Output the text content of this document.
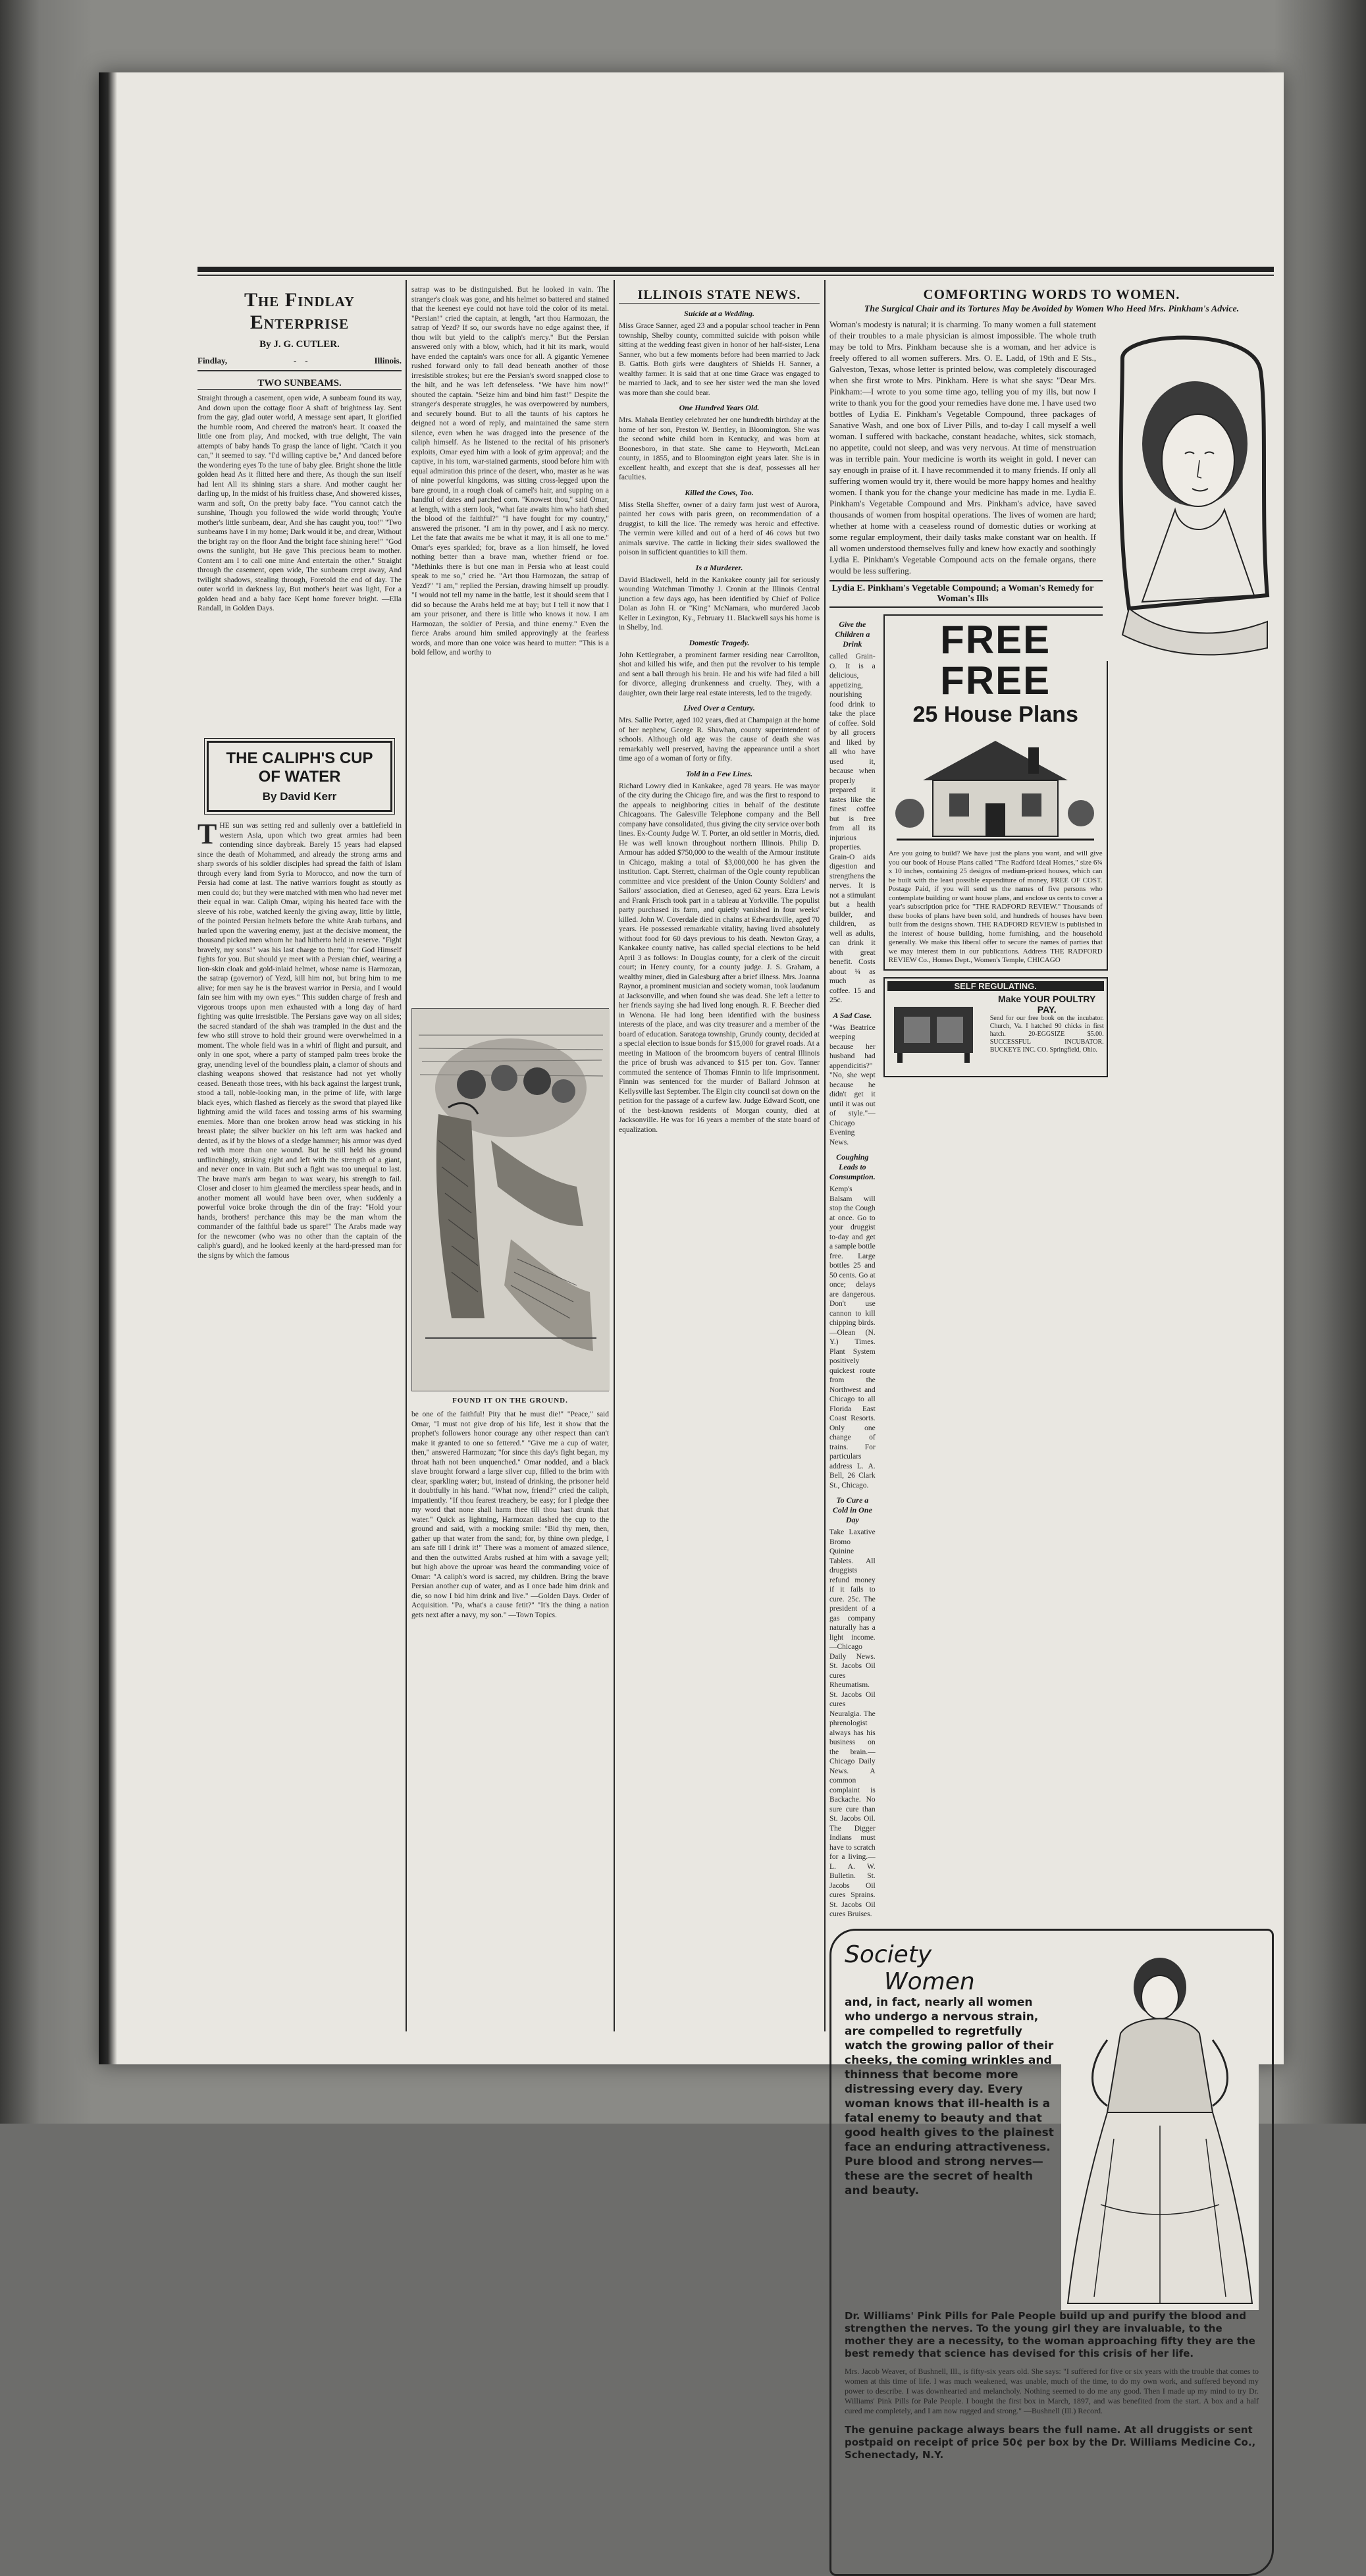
The Findlay Enterprise
By J. G. CUTLER.
Findlay,	-    -	Illinois.
TWO SUNBEAMS.
Straight through a casement, open wide, A sunbeam found its way, And down upon the cottage floor A shaft of brightness lay. Sent from the gay, glad outer world, A message sent apart, It glorified the humble room, And cheered the matron's heart. It coaxed the little one from play, And mocked, with true delight, The vain attempts of baby hands To grasp the lance of light. "Catch it you can," it seemed to say. "I'd willing captive be," And danced before the wondering eyes To the tune of baby glee. Bright shone the little golden head As it flitted here and there, As though the sun itself had lent All its shining stars a share. And mother caught her darling up, In the midst of his fruitless chase, And showered kisses, warm and soft, On the pretty baby face. "You cannot catch the sunshine, Though you followed the wide world through; You're mother's little sunbeam, dear, And she has caught you, too!" "Two sunbeams have I in my home; Dark would it be, and drear, Without the bright ray on the floor And the bright face shining here!" "God owns the sunlight, but He gave This precious beam to mother. Content am I to call one mine And entertain the other." Straight through the casement, open wide, The sunbeam crept away, And twilight shadows, stealing through, Foretold the end of day. The outer world in darkness lay, But mother's heart was light, For a golden head and a baby face Kept home forever bright. —Ella Randall, in Golden Days.
THE CALIPH'S CUP OF WATER
By David Kerr
THE sun was setting red and sullenly over a battlefield in western Asia, upon which two great armies had been contending since daybreak. Barely 15 years had elapsed since the death of Mohammed, and already the strong arms and sharp swords of his soldier disciples had spread the faith of Islam through every land from Syria to Morocco, and now the turn of Persia had come at last. The native warriors fought as stoutly as men could do; but they were matched with men who had never met their equal in war. Caliph Omar, wiping his heated face with the sleeve of his robe, watched keenly the giving away, little by little, of the pointed Persian helmets before the white Arab turbans, and hurled upon the wavering enemy, just at the decisive moment, the thousand picked men whom he had hitherto held in reserve. "Fight bravely, my sons!" was his last charge to them; "for God Himself fights for you. But should ye meet with a Persian chief, wearing a lion-skin cloak and gold-inlaid helmet, whose name is Harmozan, the satrap (governor) of Yezd, kill him not, but bring him to me alive; for men say he is the bravest warrior in Persia, and I would fain see him with my own eyes." This sudden charge of fresh and vigorous troops upon men exhausted with a long day of hard fighting was quite irresistible. The Persians gave way on all sides; the sacred standard of the shah was trampled in the dust and the few who still strove to hold their ground were overwhelmed in a moment. The whole field was in a whirl of flight and pursuit, and only in one spot, where a party of stamped palm trees broke the gray, unending level of the boundless plain, a clamor of shouts and clashing weapons showed that resistance had not yet wholly ceased. Beneath those trees, with his back against the largest trunk, stood a tall, noble-looking man, in the prime of life, with large black eyes, which flashed as fiercely as the sword that played like lightning amid the wild faces and tossing arms of his swarming enemies. More than one broken arrow head was sticking in his breast plate; the silver buckler on his left arm was hacked and dented, as if by the blows of a sledge hammer; his armor was dyed red with more than one wound. But he still held his ground unflinchingly, striking right and left with the strength of a giant, and never once in vain. But such a fight was too unequal to last. The brave man's arm began to wax weary, his strength to fail. Closer and closer to him gleamed the merciless spear heads, and in another moment all would have been over, when suddenly a powerful voice broke through the din of the fray: "Hold your hands, brothers! perchance this may be the man whom the commander of the faithful bade us spare!" The Arabs made way for the newcomer (who was no other than the captain of the caliph's guard), and he looked keenly at the hard-pressed man for the signs by which the famous
satrap was to be distinguished. But he looked in vain. The stranger's cloak was gone, and his helmet so battered and stained that the keenest eye could not have told the color of its metal. "Persian!" cried the captain, at length, "art thou Harmozan, the satrap of Yezd? If so, our swords have no edge against thee, if thou wilt but yield to the caliph's mercy." But the Persian answered only with a blow, which, had it hit its mark, would have ended the captain's wars once for all. A gigantic Yemenee rushed forward only to fall dead beneath another of those irresistible strokes; but ere the Persian's sword snapped close to the hilt, and he was left defenseless. "We have him now!" shouted the captain. "Seize him and bind him fast!" Despite the stranger's desperate struggles, he was overpowered by numbers, and securely bound. But to all the taunts of his captors he deigned not a word of reply, and maintained the same stern silence, even when he was dragged into the presence of the caliph himself. As he listened to the recital of his prisoner's exploits, Omar eyed him with a look of grim approval; and the captive, in his torn, war-stained garments, stood before him with equal admiration this prince of the desert, who, master as he was of nine powerful kingdoms, was sitting cross-legged upon the bare ground, in a rough cloak of camel's hair, and supping on a handful of dates and parched corn. "Knowest thou," said Omar, at length, with a stern look, "what fate awaits him who hath shed the blood of the faithful?" "I have fought for my country," answered the prisoner. "I am in thy power, and I ask no mercy. Let the fate that awaits me be what it may, it is all one to me." Omar's eyes sparkled; for, brave as a lion himself, he loved nothing better than a brave man, whether friend or foe. "Methinks there is but one man in Persia who at least could speak to me so," cried he. "Art thou Harmozan, the satrap of Yezd?" "I am," replied the Persian, drawing himself up proudly. "I would not tell my name in the battle, lest it should seem that I did so because the Arabs held me at bay; but I tell it now that I am your prisoner, and there is little who knows it now. I am Harmozan, the soldier of Persia, and thine enemy." Even the fierce Arabs around him smiled approvingly at the fearless words, and more than one voice was heard to mutter: "This is a bold fellow, and worthy to
FOUND IT ON THE GROUND.
be one of the faithful! Pity that he must die!" "Peace," said Omar, "I must not give drop of his life, lest it show that the prophet's followers honor courage any other respect than can't make it granted to one so fettered." "Give me a cup of water, then," answered Harmozan; "for since this day's fight began, my throat hath not been unquenched." Omar nodded, and a black slave brought forward a large silver cup, filled to the brim with clear, sparkling water; but, instead of drinking, the prisoner held it doubtfully in his hand. "What now, friend?" cried the caliph, impatiently. "If thou fearest treachery, be easy; for I pledge thee my word that none shall harm thee till thou hast drunk that water." Quick as lightning, Harmozan dashed the cup to the ground and said, with a mocking smile: "Bid thy men, then, gather up that water from the sand; for, by thine own pledge, I am safe till I drink it!" There was a moment of amazed silence, and then the outwitted Arabs rushed at him with a savage yell; but high above the uproar was heard the commanding voice of Omar: "A caliph's word is sacred, my children. Bring the brave Persian another cup of water, and as I once bade him drink and die, so now I bid him drink and live." —Golden Days. Order of Acquisition. "Pa, what's a cause fetit?" "It's the thing a nation gets next after a navy, my son." —Town Topics.
ILLINOIS STATE NEWS.
Suicide at a Wedding.
Miss Grace Sanner, aged 23 and a popular school teacher in Penn township, Shelby county, committed suicide with poison while sitting at the wedding feast given in honor of her half-sister, Lena Sanner, who but a few moments before had been married to Jack B. Gattis. Both girls were daughters of Shields H. Sanner, a wealthy farmer. It is said that at one time Grace was engaged to be married to Jack, and to see her sister wed the man she loved was more than she could bear.
One Hundred Years Old.
Mrs. Mahala Bentley celebrated her one hundredth birthday at the home of her son, Preston W. Bentley, in Bloomington. She was the second white child born in Kentucky, and was born at Boonesboro, in that state. She came to Heyworth, McLean county, in 1855, and to Bloomington eight years later. She is in excellent health, and except that she is deaf, possesses all her faculties.
Killed the Cows, Too.
Miss Stella Sheffer, owner of a dairy farm just west of Aurora, painted her cows with paris green, on recommendation of a druggist, to kill the lice. The remedy was heroic and effective. The vermin were killed and out of a herd of 46 cows but two animals survive. The cattle in licking their sides swallowed the poison in sufficient quantities to kill them.
Is a Murderer.
David Blackwell, held in the Kankakee county jail for seriously wounding Watchman Timothy J. Cronin at the Illinois Central junction a few days ago, has been identified by Chief of Police Dolan as John H. or "King" McNamara, who murdered Jacob Keller in Lexington, Ky., February 11. Blackwell says his home is in Shelby, Ind.
Domestic Tragedy.
John Kettlegraber, a prominent farmer residing near Carrollton, shot and killed his wife, and then put the revolver to his temple and sent a ball through his brain. He and his wife had filed a bill for divorce, alleging drunkenness and cruelty. They, with a daughter, own their large real estate interests, led to the tragedy.
Lived Over a Century.
Mrs. Sallie Porter, aged 102 years, died at Champaign at the home of her nephew, George R. Shawhan, county superintendent of schools. Although old age was the cause of death she was remarkably well preserved, having the appearance until a short time ago of a woman of forty or fifty.
Told in a Few Lines.
Richard Lowry died in Kankakee, aged 78 years. He was mayor of the city during the Chicago fire, and was the first to respond to the appeals to neighboring cities in behalf of the destitute Chicagoans. The Galesville Telephone company and the Bell company have consolidated, thus giving the city service over both lines. Ex-County Judge W. T. Porter, an old settler in Morris, died. He was well known throughout northern Illinois. Philip D. Armour has added $750,000 to the wealth of the Armour institute in Chicago, making a total of $3,000,000 he has given the institution. Capt. Sterrett, chairman of the Ogle county republican committee and vice president of the Union County Soldiers' and Sailors' association, died at Geneseo, aged 62 years. Ezra Lewis and Frank Frisch took part in a tableau at Yorkville. The populist party purchased its farm, and quietly vanished in four weeks' killed. John W. Coverdale died in chains at Edwardsville, aged 70 years. He possessed remarkable vitality, having lived absolutely without food for 60 days previous to his death. Newton Gray, a Kankakee county native, has called special elections to be held April 3 as follows: In Douglas county, for a clerk of the circuit court; in Henry county, for a county judge. J. S. Graham, a wealthy miner, died in Galesburg after a brief illness. Mrs. Joanna Raynor, a prominent musician and society woman, took laudanum at Jacksonville, and when found she was dead. She left a letter to her friends saying she had lived long enough. R. F. Beecher died in Wenona. He had long been identified with the business interests of the place, and was city treasurer and a member of the board of education. Saratoga township, Grundy county, decided at a special election to issue bonds for $15,000 for gravel roads. At a meeting in Mattoon of the broomcorn buyers of central Illinois the price of brush was advanced to $15 per ton. Gov. Tanner commuted the sentence of Thomas Finnin to life imprisonment. Finnin was sentenced for the murder of Ballard Johnson at Kellysville last September. The Elgin city council sat down on the petition for the passage of a curfew law. Judge Edward Scott, one of the best-known residents of Morgan county, died at Jacksonville. He was for 16 years a member of the state board of equalization.
COMFORTING WORDS TO WOMEN.
The Surgical Chair and its Tortures May be Avoided by Women Who Heed Mrs. Pinkham's Advice.
Woman's modesty is natural; it is charming. To many women a full statement of their troubles to a male physician is almost impossible. The whole truth may be told to Mrs. Pinkham because she is a woman, and her advice is freely offered to all women sufferers. Mrs. O. E. Ladd, of 19th and E Sts., Galveston, Texas, whose letter is printed below, was completely discouraged when she first wrote to Mrs. Pinkham. Here is what she says: "Dear Mrs. Pinkham:—I wrote to you some time ago, telling you of my ills, but now I write to thank you for the good your remedies have done me. I have used two bottles of Lydia E. Pinkham's Vegetable Compound, three packages of Sanative Wash, and one box of Liver Pills, and to-day I call myself a well woman. I suffered with backache, constant headache, whites, sick stomach, no appetite, could not sleep, and was very nervous. At time of menstruation was in terrible pain. Your medicine is worth its weight in gold. I never can say enough in praise of it. I have recommended it to many friends. If only all suffering women would try it, there would be more happy homes and healthy women. I thank you for the change your medicine has made in me. Lydia E. Pinkham's Vegetable Compound and Mrs. Pinkham's advice, have saved thousands of women from hospital operations. The lives of women are hard; whether at home with a ceaseless round of domestic duties or working at some regular employment, their daily tasks make constant war on health. If all women understood themselves fully and knew how exactly and soothingly Lydia E. Pinkham's Vegetable Compound acts on the female organs, there would be less suffering.
Lydia E. Pinkham's Vegetable Compound; a Woman's Remedy for Woman's Ills
Give the Children a Drink
called Grain-O. It is a delicious, appetizing, nourishing food drink to take the place of coffee. Sold by all grocers and liked by all who have used it, because when properly prepared it tastes like the finest coffee but is free from all its injurious properties. Grain-O aids digestion and strengthens the nerves. It is not a stimulant but a health builder, and children, as well as adults, can drink it with great benefit. Costs about ¼ as much as coffee. 15 and 25c.
A Sad Case.
"Was Beatrice weeping because her husband had appendicitis?" "No, she wept because he didn't get it until it was out of style."—Chicago Evening News.
Coughing Leads to Consumption.
Kemp's Balsam will stop the Cough at once. Go to your druggist to-day and get a sample bottle free. Large bottles 25 and 50 cents. Go at once; delays are dangerous. Don't use cannon to kill chipping birds.—Olean (N. Y.) Times. Plant System positively quickest route from the Northwest and Chicago to all Florida East Coast Resorts. Only one change of trains. For particulars address L. A. Bell, 26 Clark St., Chicago.
To Cure a Cold in One Day
Take Laxative Bromo Quinine Tablets. All druggists refund money if it fails to cure. 25c. The president of a gas company naturally has a light income.—Chicago Daily News. St. Jacobs Oil cures Rheumatism. St. Jacobs Oil cures Neuralgia. The phrenologist always has his business on the brain.—Chicago Daily News. A common complaint is Backache. No sure cure than St. Jacobs Oil. The Digger Indians must have to scratch for a living.—L. A. W. Bulletin. St. Jacobs Oil cures Sprains. St. Jacobs Oil cures Bruises.
FREE FREE
25 House Plans
Are you going to build? We have just the plans you want, and will give you our book of House Plans called "The Radford Ideal Homes," size 6¾ x 10 inches, containing 25 designs of medium-priced houses, which can be built with the least possible expenditure of money, FREE OF COST. Postage Paid, if you will send us the names of five persons who contemplate building or want house plans, and enclose us cents to cover a year's subscription price for "THE RADFORD REVIEW." Thousands of these books of plans have been sold, and hundreds of houses have been built from the designs shown. THE RADFORD REVIEW is published in the interest of house building, home furnishing, and the household generally. We make this liberal offer to secure the names of parties that we may interest them in our publications. Address THE RADFORD REVIEW Co., Homes Dept., Women's Temple, CHICAGO
SELF REGULATING.
Make YOUR POULTRY PAY.
Send for our free book on the incubator. Church, Va. I hatched 90 chicks in first hatch. 20-EGGSIZE $5.00. SUCCESSFUL INCUBATOR. BUCKEYE INC. CO. Springfield, Ohio.
Society
Women
and, in fact, nearly all women who undergo a nervous strain, are compelled to regretfully watch the growing pallor of their cheeks, the coming wrinkles and thinness that become more distressing every day. Every woman knows that ill-health is a fatal enemy to beauty and that good health gives to the plainest face an enduring attractiveness. Pure blood and strong nerves—these are the secret of health and beauty.
Dr. Williams' Pink Pills for Pale People build up and purify the blood and strengthen the nerves. To the young girl they are invaluable, to the mother they are a necessity, to the woman approaching fifty they are the best remedy that science has devised for this crisis of her life.
Mrs. Jacob Weaver, of Bushnell, Ill., is fifty-six years old. She says: "I suffered for five or six years with the trouble that comes to women at this time of life. I was much weakened, was unable, much of the time, to do my own work, and suffered beyond my power to describe. I was downhearted and melancholy. Nothing seemed to do me any good. Then I made up my mind to try Dr. Williams' Pink Pills for Pale People. I bought the first box in March, 1897, and was benefited from the start. A box and a half cured me completely, and I am now rugged and strong." —Bushnell (Ill.) Record.
The genuine package always bears the full name. At all druggists or sent postpaid on receipt of price 50¢ per box by the Dr. Williams Medicine Co., Schenectady, N.Y.
